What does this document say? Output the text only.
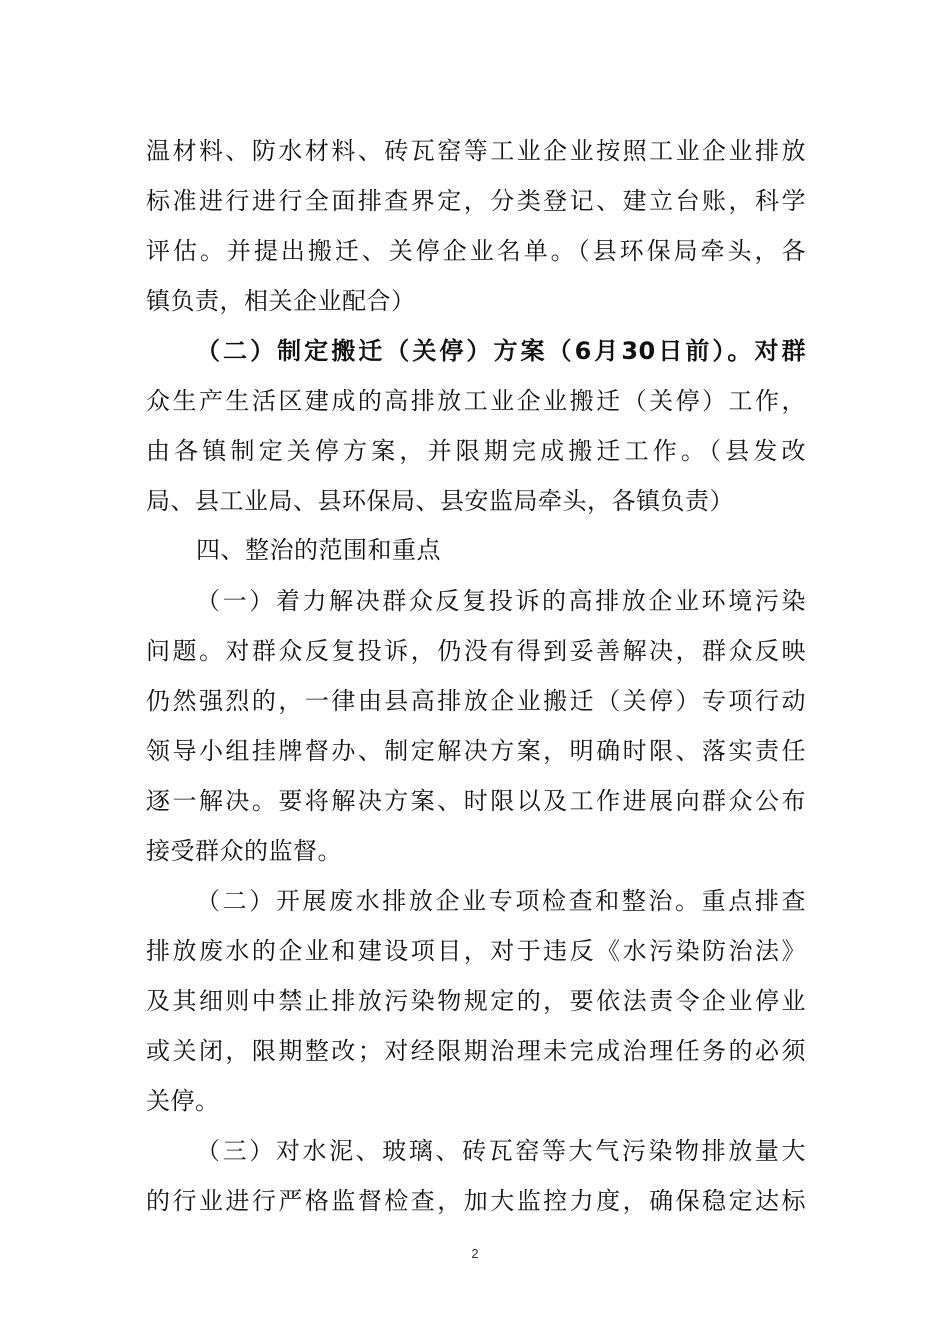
温材料、防水材料、砖瓦窑等工业企业按照工业企业排放
标准进行进行全面排查界定，分类登记、建立台账，科学
评估。并提出搬迁、关停企业名单。（县环保局牵头，各
镇负责，相关企业配合）
（二）制定搬迁（关停）方案（6月30日前）。对群
众生产生活区建成的高排放工业企业搬迁（关停）工作，
由各镇制定关停方案，并限期完成搬迁工作。（县发改
局、县工业局、县环保局、县安监局牵头，各镇负责）
四、整治的范围和重点
（一）着力解决群众反复投诉的高排放企业环境污染
问题。对群众反复投诉，仍没有得到妥善解决，群众反映
仍然强烈的，一律由县高排放企业搬迁（关停）专项行动
领导小组挂牌督办、制定解决方案，明确时限、落实责任
逐一解决。要将解决方案、时限以及工作进展向群众公布
接受群众的监督。
（二）开展废水排放企业专项检查和整治。重点排查
排放废水的企业和建设项目，对于违反《水污染防治法》
及其细则中禁止排放污染物规定的，要依法责令企业停业
或关闭，限期整改；对经限期治理未完成治理任务的必须
关停。
（三）对水泥、玻璃、砖瓦窑等大气污染物排放量大
的行业进行严格监督检查，加大监控力度，确保稳定达标
2
